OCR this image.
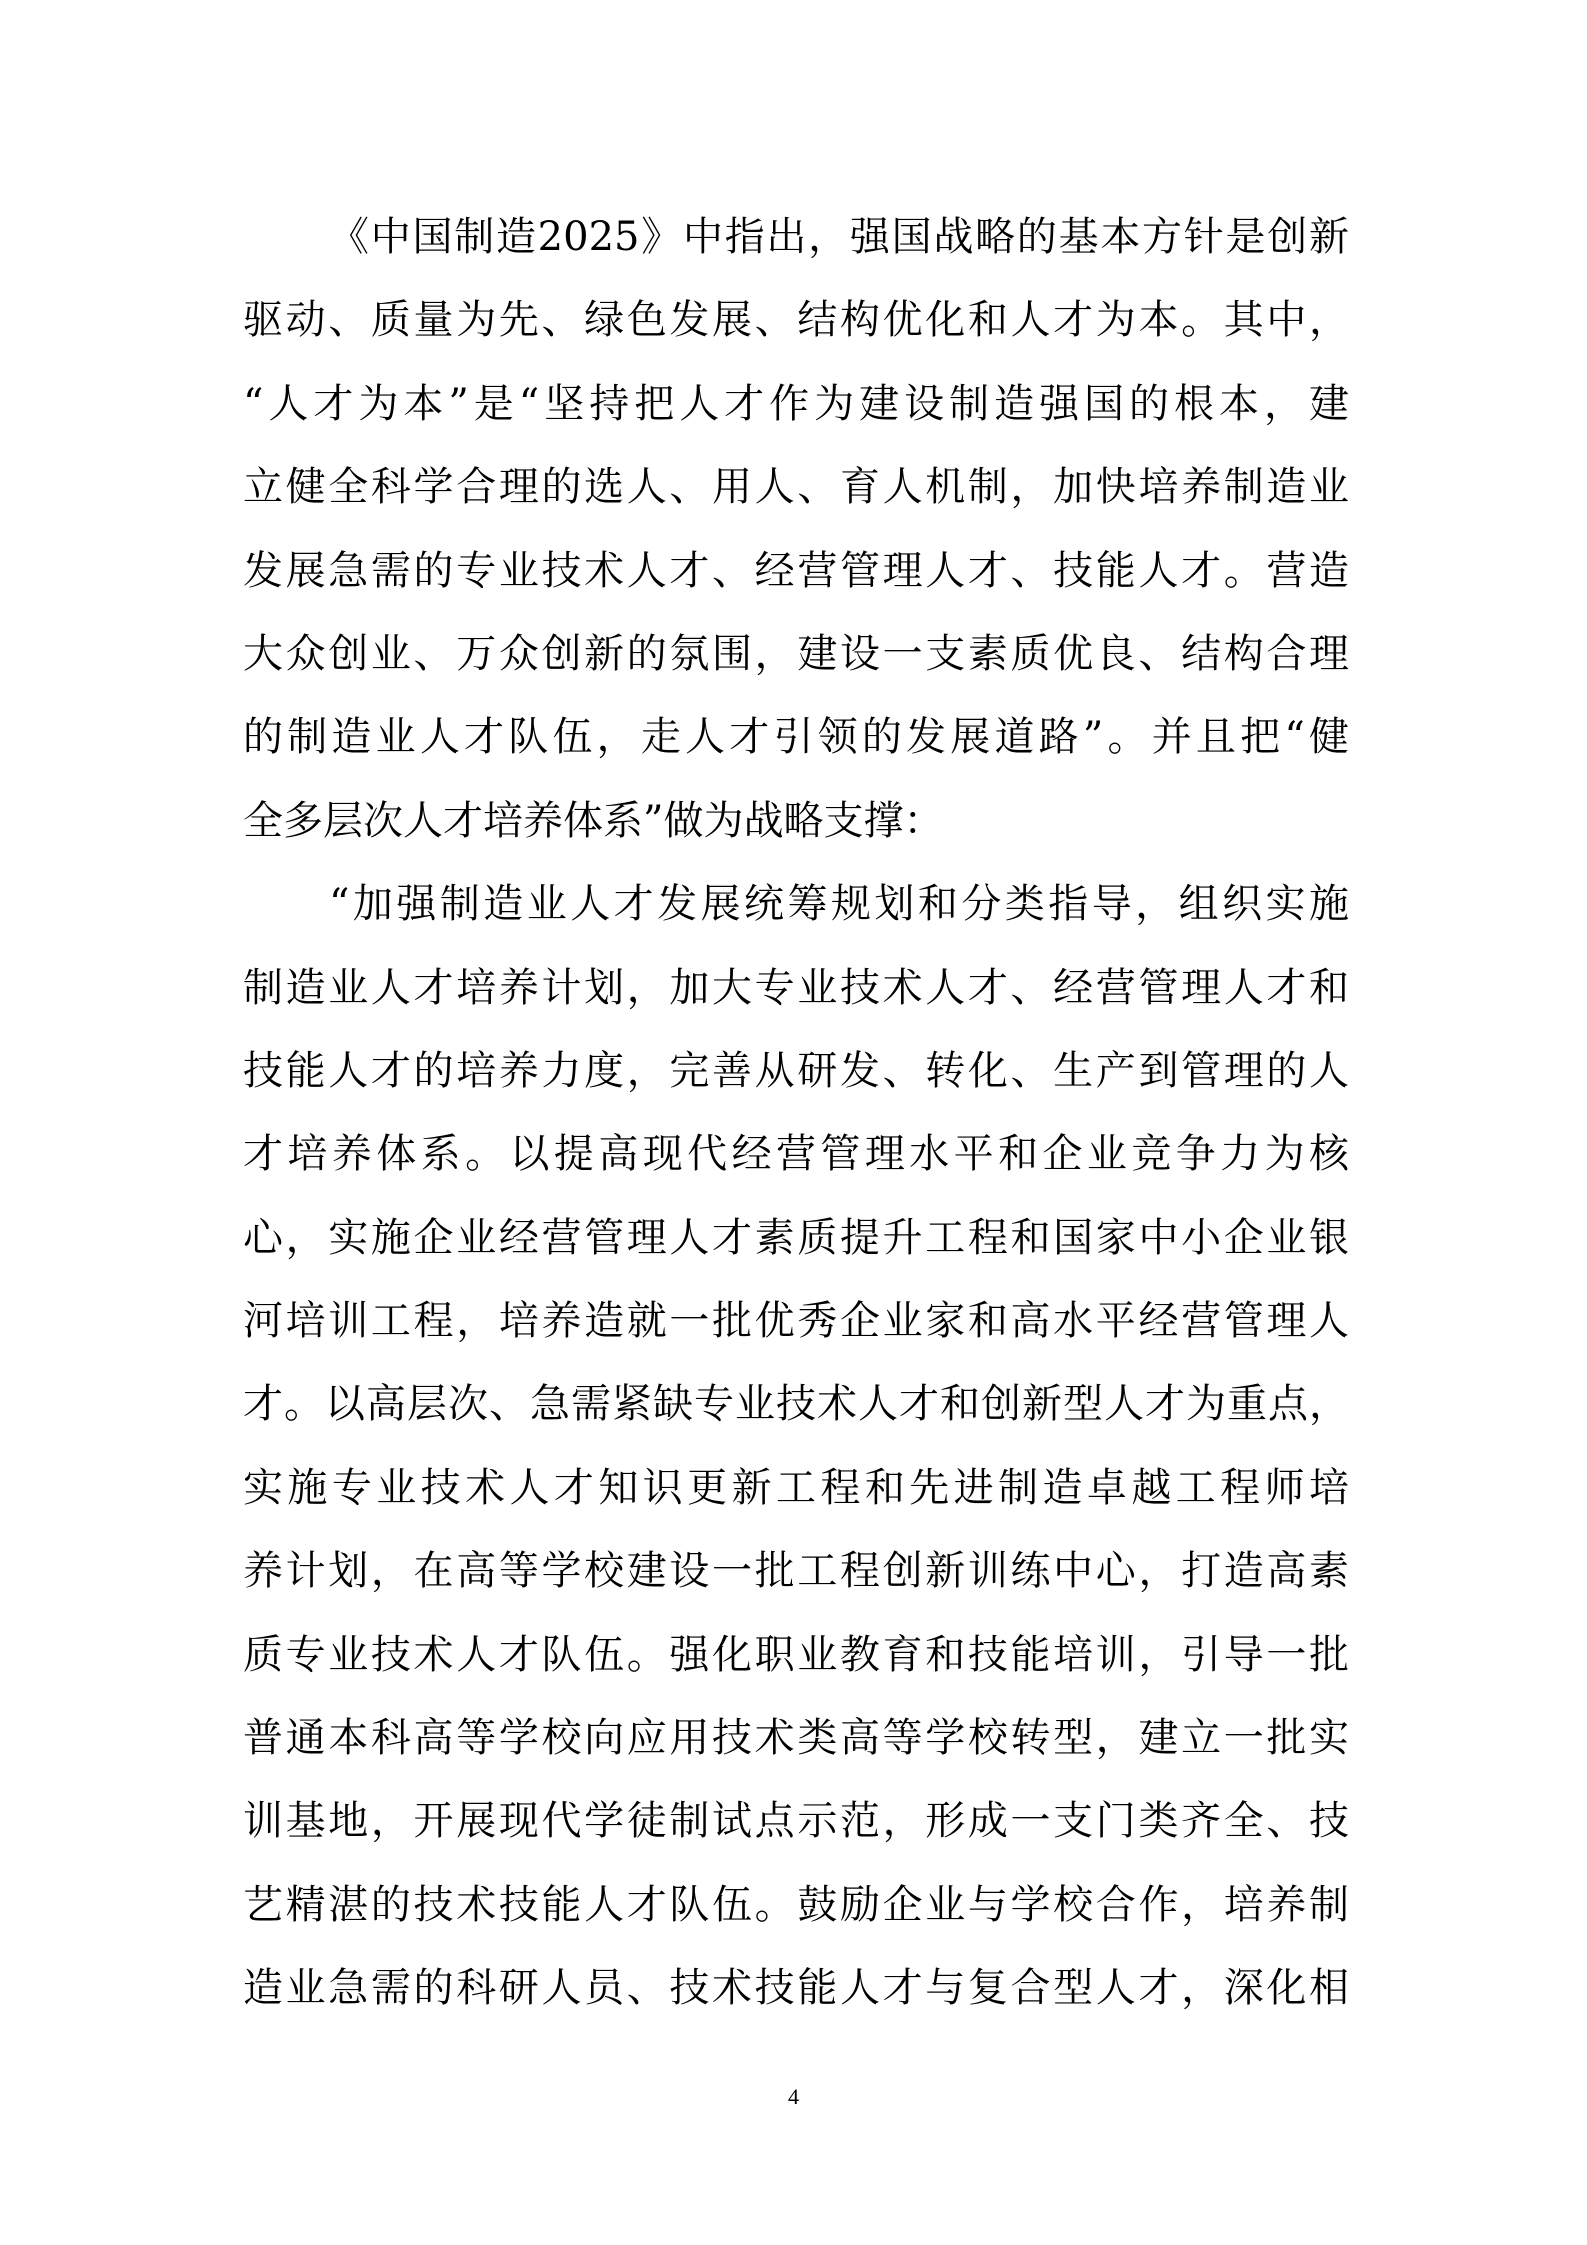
《中国制造2025》中指出，强国战略的基本方针是创新
驱动、质量为先、绿色发展、结构优化和人才为本。其中，
“人才为本”是“坚持把人才作为建设制造强国的根本，建
立健全科学合理的选人、用人、育人机制，加快培养制造业
发展急需的专业技术人才、经营管理人才、技能人才。营造
大众创业、万众创新的氛围，建设一支素质优良、结构合理
的制造业人才队伍，走人才引领的发展道路”。并且把“健
全多层次人才培养体系”做为战略支撑：
“加强制造业人才发展统筹规划和分类指导，组织实施
制造业人才培养计划，加大专业技术人才、经营管理人才和
技能人才的培养力度，完善从研发、转化、生产到管理的人
才培养体系。以提高现代经营管理水平和企业竞争力为核
心，实施企业经营管理人才素质提升工程和国家中小企业银
河培训工程，培养造就一批优秀企业家和高水平经营管理人
才。以高层次、急需紧缺专业技术人才和创新型人才为重点，
实施专业技术人才知识更新工程和先进制造卓越工程师培
养计划，在高等学校建设一批工程创新训练中心，打造高素
质专业技术人才队伍。强化职业教育和技能培训，引导一批
普通本科高等学校向应用技术类高等学校转型，建立一批实
训基地，开展现代学徒制试点示范，形成一支门类齐全、技
艺精湛的技术技能人才队伍。鼓励企业与学校合作，培养制
造业急需的科研人员、技术技能人才与复合型人才，深化相
4
